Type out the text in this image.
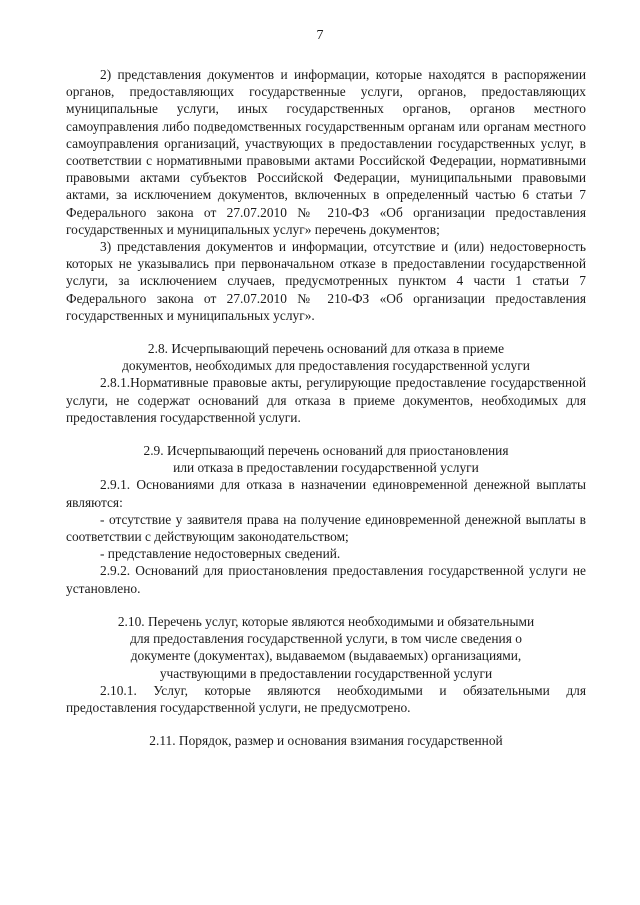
7

2) представления документов и информации, которые находятся в распоряжении органов, предоставляющих государственные услуги, органов, предоставляющих муниципальные услуги, иных государственных органов, органов местного самоуправления либо подведомственных государственным органам или органам местного самоуправления организаций, участвующих в предоставлении государственных услуг, в соответствии с нормативными правовыми актами Российской Федерации, нормативными правовыми актами субъектов Российской Федерации, муниципальными правовыми актами, за исключением документов, включенных в определенный частью 6 статьи 7 Федерального закона от 27.07.2010 № 210-ФЗ «Об организации предоставления государственных и муниципальных услуг» перечень документов;

3) представления документов и информации, отсутствие и (или) недостоверность которых не указывались при первоначальном отказе в предоставлении государственной услуги, за исключением случаев, предусмотренных пунктом 4 части 1 статьи 7 Федерального закона от 27.07.2010 № 210-ФЗ «Об организации предоставления государственных и муниципальных услуг».

2.8. Исчерпывающий перечень оснований для отказа в приеме документов, необходимых для предоставления государственной услуги

2.8.1.Нормативные правовые акты, регулирующие предоставление государственной услуги, не содержат оснований для отказа в приеме документов, необходимых для предоставления государственной услуги.

2.9. Исчерпывающий перечень оснований для приостановления
или отказа в предоставлении государственной услуги

2.9.1. Основаниями для отказа в назначении единовременной денежной выплаты являются:

- отсутствие у заявителя права на получение единовременной денежной выплаты в соответствии с действующим законодательством;

- представление недостоверных сведений.

2.9.2. Оснований для приостановления предоставления государственной услуги не установлено.

2.10. Перечень услуг, которые являются необходимыми и обязательными для предоставления государственной услуги, в том числе сведения о документе (документах), выдаваемом (выдаваемых) организациями, участвующими в предоставлении государственной услуги

2.10.1. Услуг, которые являются необходимыми и обязательными для предоставления государственной услуги, не предусмотрено.

2.11. Порядок, размер и основания взимания государственной
